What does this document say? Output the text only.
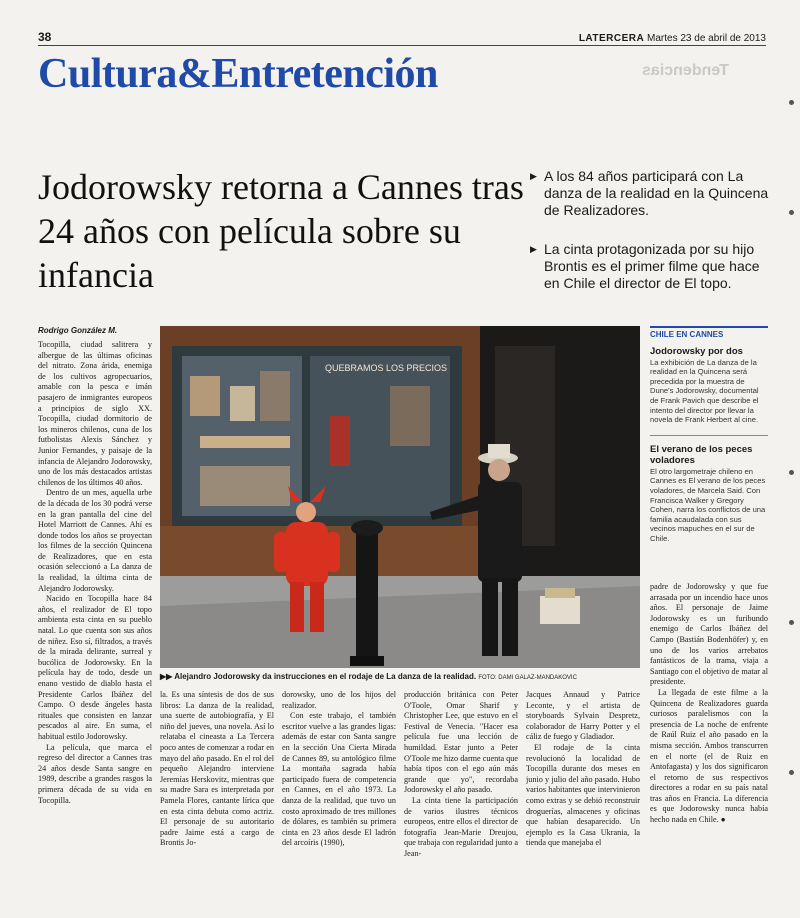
38	LATERCERA Martes 23 de abril de 2013
Cultura&Entretención	Tendencias
Jodorowsky retorna a Cannes tras 24 años con película sobre su infancia
▶ A los 84 años participará con La danza de la realidad en la Quincena de Realizadores.
▶ La cinta protagonizada por su hijo Brontis es el primer filme que hace en Chile el director de El topo.
Rodrigo González M.
QUEBRAMOS LOS PRECIOS
▶▶ Alejandro Jodorowsky da instrucciones en el rodaje de La danza de la realidad. FOTO: DAMI GALAZ-MANDAKOVIC

Tocopilla, ciudad salitrera y albergue de las últimas oficinas del nitrato. Zona árida, enemiga de los cultivos agropecuarios, amable con la pesca e imán pasajero de inmigrantes europeos a principios de siglo XX. Tocopilla, ciudad dormitorio de los mineros chilenos, cuna de los futbolistas Alexis Sánchez y Junior Fernandes, y paisaje de la infancia de Alejandro Jodorowsky, uno de los más destacados artistas chilenos de los últimos 40 años.

Dentro de un mes, aquella urbe de la década de los 30 podrá verse en la gran pantalla del cine del Hotel Marriott de Cannes. Ahí es donde todos los años se proyectan los filmes de la sección Quincena de Realizadores, que en esta ocasión seleccionó a La danza de la realidad, la última cinta de Alejandro Jodorowsky.

Nacido en Tocopilla hace 84 años, el realizador de El topo ambienta esta cinta en su pueblo natal. Lo que cuenta son sus años de niñez. Eso sí, filtrados, a través de la mirada delirante, surreal y bucólica de Jodorowsky. En la película hay de todo, desde un enano vestido de diablo hasta el Presidente Carlos Ibáñez del Campo. O desde ángeles hasta rituales que consisten en lanzar pescados al aire. En suma, el habitual estilo Jodorowsky.

La película, que marca el regreso del director a Cannes tras 24 años desde Santa sangre en 1989, describe a grandes rasgos la primera década de su vida en Tocopilla.

la. Es una síntesis de dos de sus libros: La danza de la realidad, una suerte de autobiografía, y El niño del jueves, una novela. Así lo relataba el cineasta a La Tercera poco antes de comenzar a rodar en mayo del año pasado. En el rol del pequeño Alejandro interviene Jeremías Herskovitz, mientras que su madre Sara es interpretada por Pamela Flores, cantante lírica que en esta cinta debuta como actriz. El personaje de su autoritario padre Jaime está a cargo de Brontis Jo-

dorowsky, uno de los hijos del realizador.

Con este trabajo, el también escritor vuelve a las grandes ligas: además de estar con Santa sangre en la sección Una Cierta Mirada de Cannes 89, su antológico filme La montaña sagrada había participado fuera de competencia en Cannes, en el año 1973. La danza de la realidad, que tuvo un costo aproximado de tres millones de dólares, es también su primera cinta en 23 años desde El ladrón del arcoíris (1990),

producción británica con Peter O'Toole, Omar Sharif y Christopher Lee, que estuvo en el Festival de Venecia. "Hacer esa película fue una lección de humildad. Estar junto a Peter O'Toole me hizo darme cuenta que había tipos con el ego aún más grande que yo", recordaba Jodorowsky el año pasado.

La cinta tiene la participación de varios ilustres técnicos europeos, entre ellos el director de fotografía Jean-Marie Dreujou, que trabaja con regularidad junto a Jean-

Jacques Annaud y Patrice Leconte, y el artista de storyboards Sylvain Despretz, colaborador de Harry Potter y el cáliz de fuego y Gladiador.

El rodaje de la cinta revolucionó la localidad de Tocopilla durante dos meses en junio y julio del año pasado. Hubo varios habitantes que intervinieron como extras y se debió reconstruir droguerías, almacenes y oficinas que habían desaparecido. Un ejemplo es la Casa Ukrania, la tienda que manejaba el

padre de Jodorowsky y que fue arrasada por un incendio hace unos años. El personaje de Jaime Jodorowsky es un furibundo enemigo de Carlos Ibáñez del Campo (Bastián Bodenhöfer) y, en uno de los varios arrebatos fantásticos de la trama, viaja a Santiago con el objetivo de matar al presidente.

La llegada de este filme a la Quincena de Realizadores guarda curiosos paralelismos con la presencia de La noche de enfrente de Raúl Ruiz el año pasado en la misma sección. Ambos transcurren en el norte (el de Ruiz en Antofagasta) y los dos significaron el retorno de sus respectivos directores a rodar en su país natal tras años en Francia. La diferencia es que Jodorowsky nunca había hecho nada en Chile. ●

CHILE EN CANNES
Jodorowsky por dos

La exhibición de La danza de la realidad en la Quincena será precedida por la muestra de Dune's Jodorowsky, documental de Frank Pavich que describe el intento del director por llevar la novela de Frank Herbert al cine.

El verano de los peces voladores

El otro largometraje chileno en Cannes es El verano de los peces voladores, de Marcela Said. Con Francisca Walker y Gregory Cohen, narra los conflictos de una familia acaudalada con sus vecinos mapuches en el sur de Chile.
